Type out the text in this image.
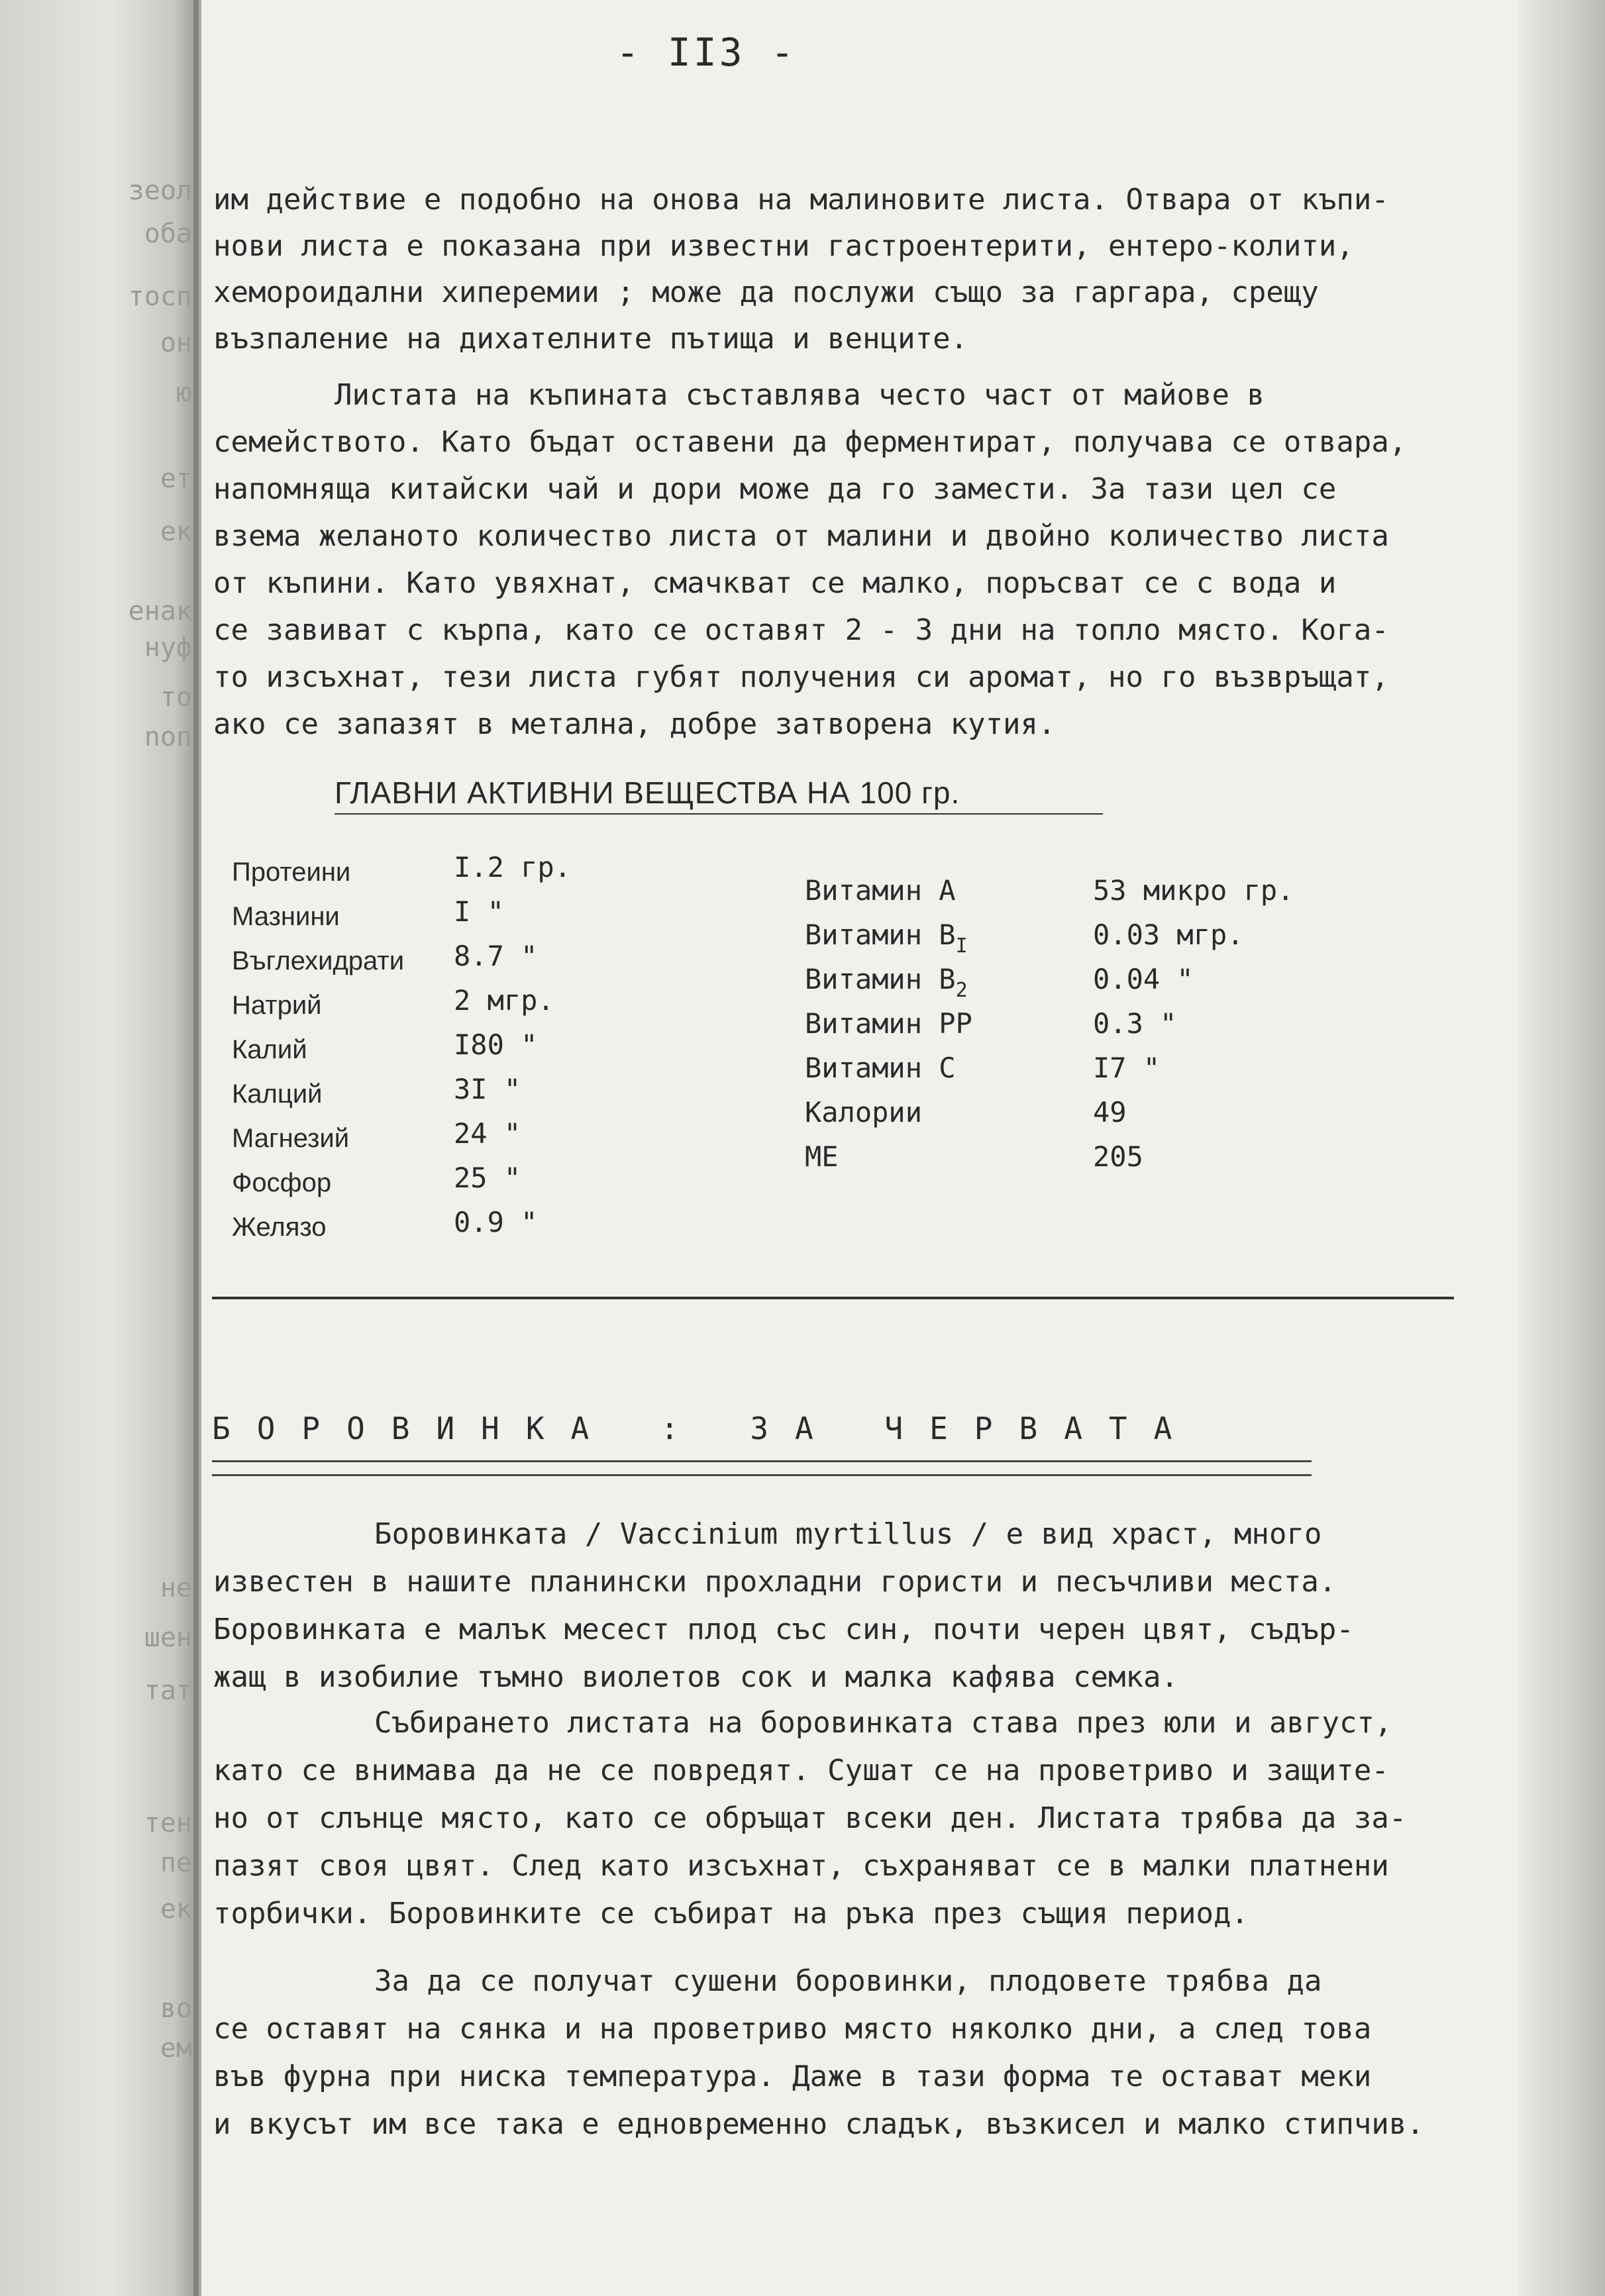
зеол
оба
тосп
он
ю
ет
ек
енак
нуф
то
non
не
шен
тат
тен
пе
ек
во
ем
- II3 -
им действие е подобно на онова на малиновите листа. Отвара от къпи-
нови листа е показана при известни гастроентерити, ентеро-колити,
хемороидални хиперемии ; може да послужи също за гаргара, срещу
възпаление на дихателните пътища и венците.
Листата на къпината съставлява често част от майове в
семейството. Като бъдат оставени да ферментират, получава се отвара,
напомняща китайски чай и дори може да го замести. За тази цел се
взема желаното количество листа от малини и двойно количество листа
от къпини. Като увяхнат, смачкват се малко, поръсват се с вода и
се завиват с кърпа, като се оставят 2 - 3 дни на топло място. Кога-
то изсъхнат, тези листа губят получения си аромат, но го възвръщат,
ако се запазят в метална, добре затворена кутия.
ГЛАВНИ АКТИВНИ ВЕЩЕСТВА НА 100 гр.
Протеини	I.2 гр.
Мазнини	I "
Въглехидрати 8.7 "
Натрий	2 мгр.
Калий	I80 "
Калций	3I "
Магнезий	24 "
Фосфор	25 "
Желязо	0.9 "
Витамин А	53 микро гр.
Витамин $В_I$	0.03 мгр.
Витамин $В_2$	0.04 "
Витамин РР	0.3 "
Витамин С	I7 "
Калории	49
МЕ	205
БОРОВИНКА : ЗА ЧЕРВАТА
Боровинката / Vaccinium myrtillus / е вид храст, много
известен в нашите планински прохладни гористи и песъчливи места.
Боровинката е малък месест плод със син, почти черен цвят, съдър-
жащ в изобилие тъмно виолетов сок и малка кафява семка.
Събирането листата на боровинката става през юли и август,
като се внимава да не се повредят. Сушат се на проветриво и защите-
но от слънце място, като се обръщат всеки ден. Листата трябва да за-
пазят своя цвят. След като изсъхнат, съхраняват се в малки платнени
торбички. Боровинките се събират на ръка през същия период.
За да се получат сушени боровинки, плодовете трябва да
се оставят на сянка и на проветриво място няколко дни, а след това
във фурна при ниска температура. Даже в тази форма те остават меки
и вкусът им все така е едновременно сладък, възкисел и малко стипчив.
